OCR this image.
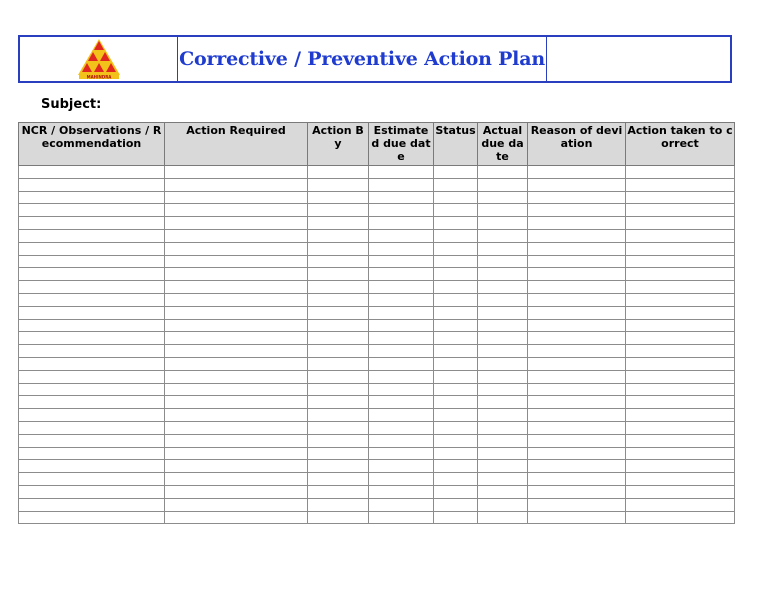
MAHINDRA
Corrective / Preventive Action Plan
Subject:
NCR / Observations / Recommendation	Action Required	Action By	Estimated due date	Status	Actual due date	Reason of deviation	Action taken to correct
